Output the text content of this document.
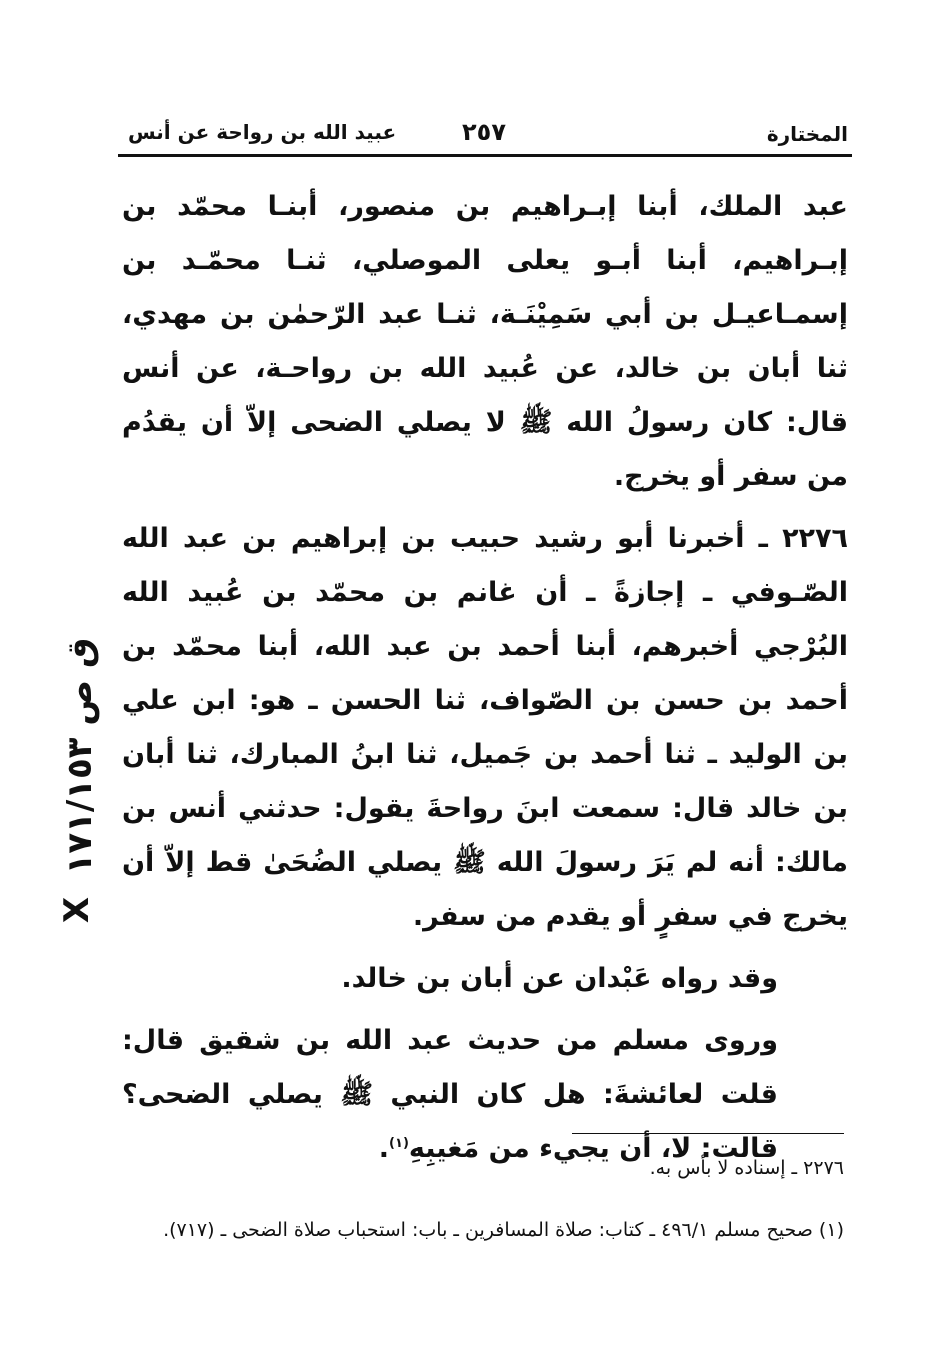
المختارة
٢٥٧
عبيد الله بن رواحة عن أنس

عبد الملك، أبنا إبـراهيم بن منصور، أبنـا محمّد بن إبـراهيم، أبنا أبـو يعلى الموصلي، ثنـا محمّـد بن إسمـاعيـل بن أبي سَمِيْنَـة، ثنـا عبد الرّحمٰن بن مهدي، ثنا أبان بن خالد، عن عُبيد الله بن رواحـة، عن أنس قال: كان رسولُ الله ﷺ لا يصلي الضحى إلاّ أن يقدُم من سفر أو يخرج.

٢٢٧٦ ـ أخبرنا أبو رشيد حبيب بن إبراهيم بن عبد الله الصّـوفي ـ إجازةً ـ أن غانم بن محمّد بن عُبيد الله البُرْجي أخبرهم، أبنا أحمد بن عبد الله، أبنا محمّد بن أحمد بن حسن بن الصّواف، ثنا الحسن ـ هو: ابن علي بن الوليد ـ ثنا أحمد بن جَميل، ثنا ابنُ المبارك، ثنا أبان بن خالد قال: سمعت ابنَ رواحةَ يقول: حدثني أنس بن مالك: أنه لم يَرَ رسولَ الله ﷺ يصلي الضُحَىٰ قط إلاّ أن يخرج في سفرٍ أو يقدم من سفر.

وقد رواه عَبْدان عن أبان بن خالد.

وروى مسلم من حديث عبد الله بن شقيق قال: قلت لعائشةَ: هل كان النبي ﷺ يصلي الضحى؟ قالت: لا، أن يجيء من مَغيبِهِ$^{(١)}$.

ق ص ١٧١/١٥٣
X

٢٢٧٦ ـ إسناده لا بأس به.

(١) صحيح مسلم ٤٩٦/١ ـ كتاب: صلاة المسافرين ـ باب: استحباب صلاة الضحى ـ (٧١٧).
